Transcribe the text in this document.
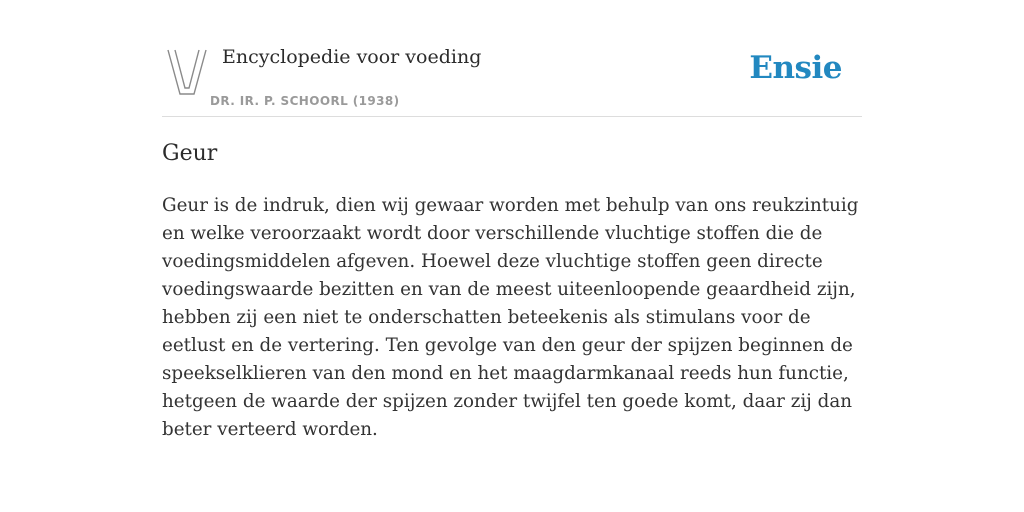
Encyclopedie voor voeding
DR. IR. P. SCHOORL (1938)
Ensie
Geur

Geur is de indruk, dien wij gewaar worden met behulp van ons reukzintuig en welke veroorzaakt wordt door verschillende vluchtige stoffen die de voedingsmiddelen afgeven. Hoewel deze vluchtige stoffen geen directe voedingswaarde bezitten en van de meest uiteenloopende geaardheid zijn, hebben zij een niet te onderschatten beteekenis als stimulans voor de eetlust en de vertering. Ten gevolge van den geur der spijzen beginnen de speekselklieren van den mond en het maagdarmkanaal reeds hun functie, hetgeen de waarde der spijzen zonder twijfel ten goede komt, daar zij dan beter verteerd worden.
